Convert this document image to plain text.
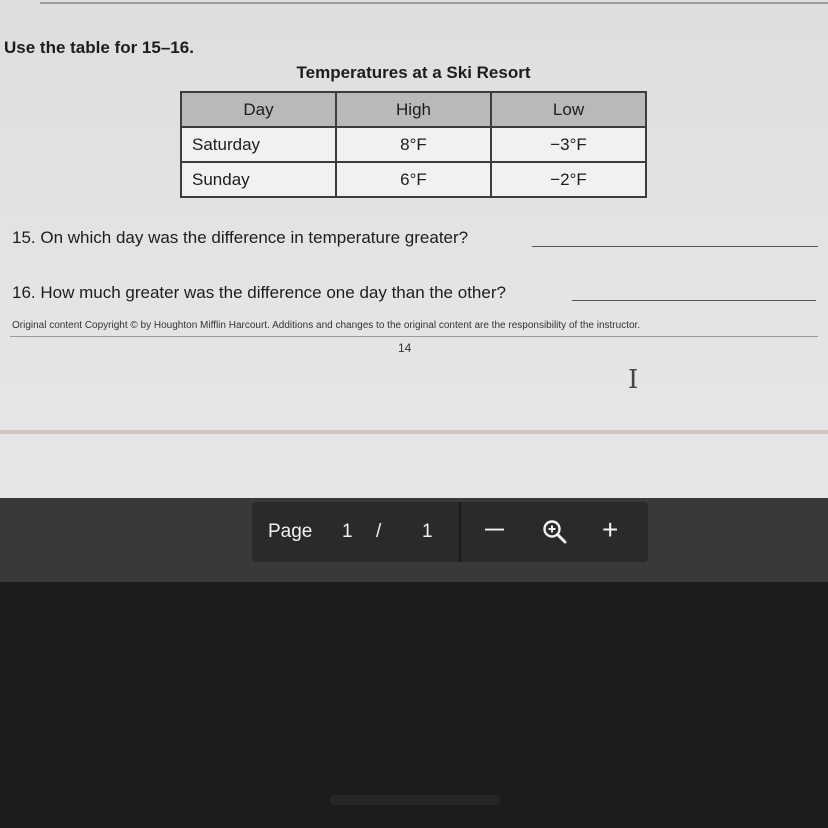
Use the table for 15–16.
Temperatures at a Ski Resort
Day	High	Low
Saturday	8°F	−3°F
Sunday	6°F	−2°F
15. On which day was the difference in temperature greater?
16. How much greater was the difference one day than the other?
Original content Copyright © by Houghton Mifflin Harcourt. Additions and changes to the original content are the responsibility of the instructor.
14
I
Page 1 / 1	—	+
